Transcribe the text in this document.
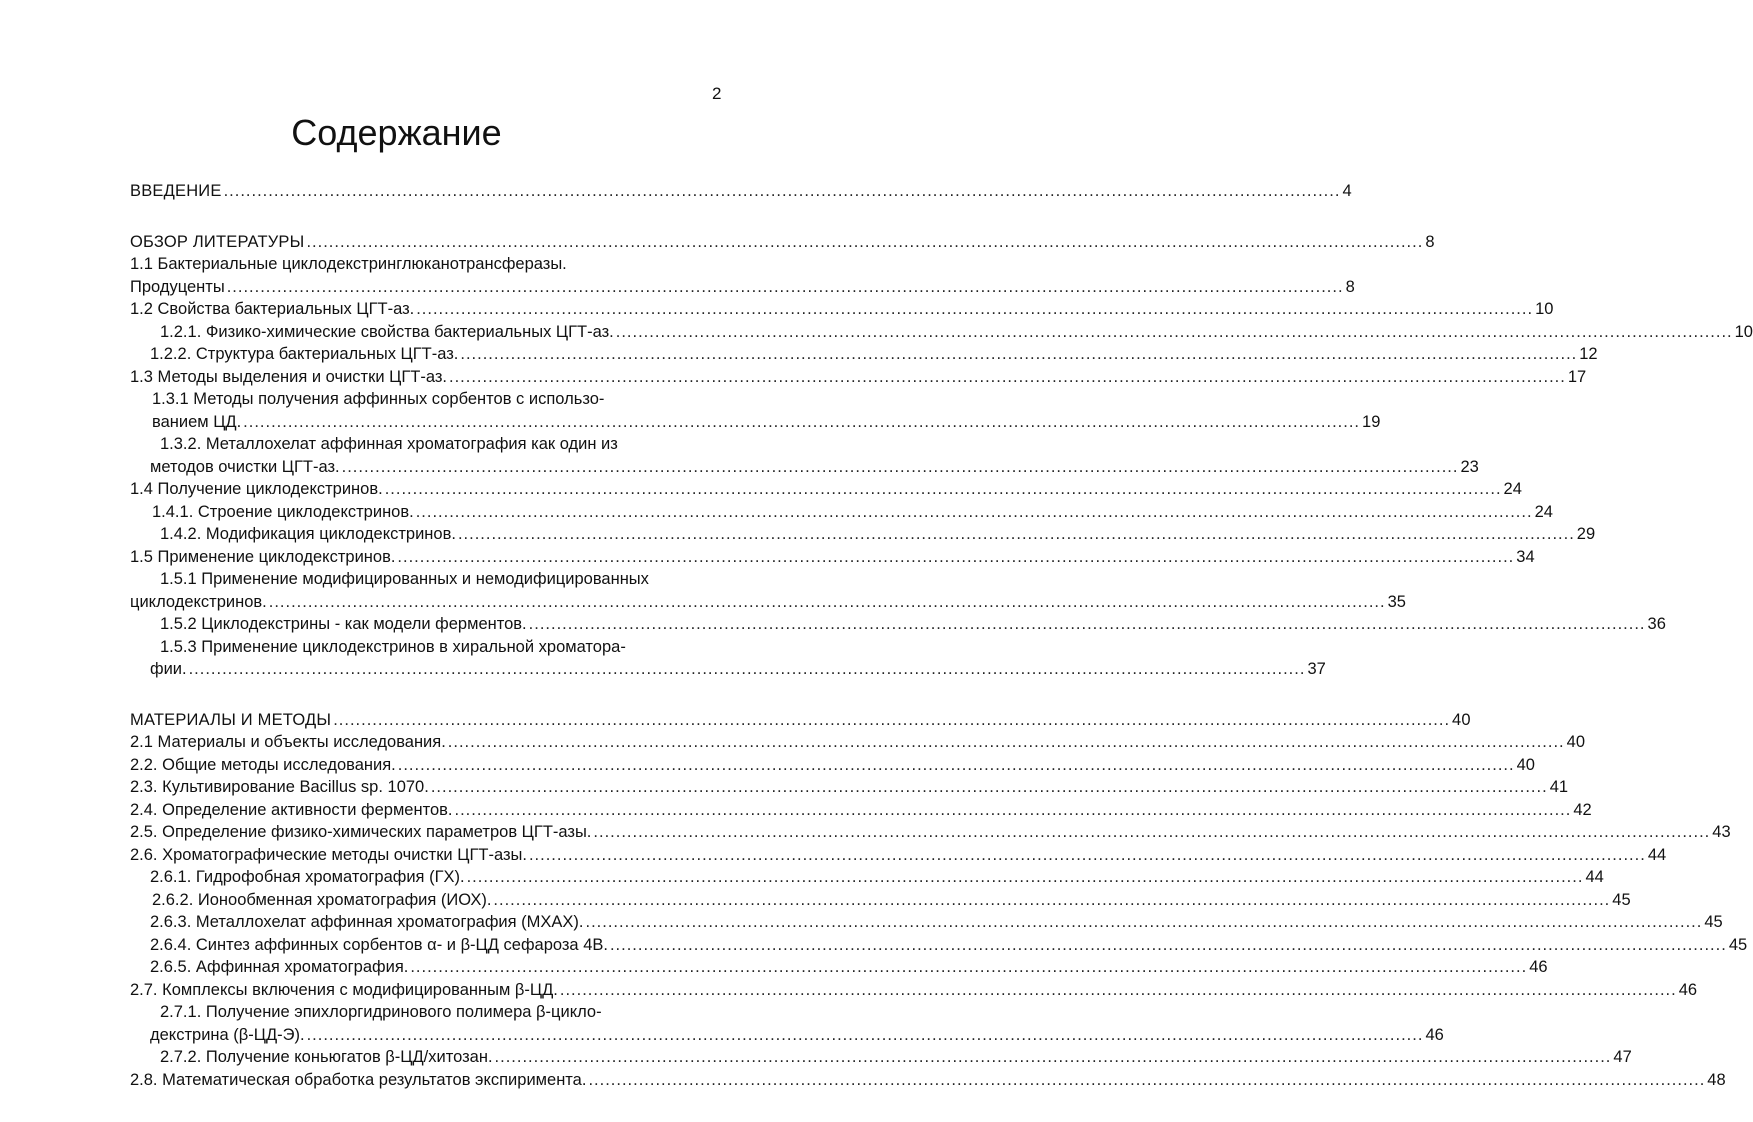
2
Содержание
ВВЕДЕНИЕ ........................................................................................................................................................................................................ 4
ОБЗОР ЛИТЕРАТУРЫ ........................................................................................................................................................................................................ 8
1.1 Бактериальные циклодекстринглюканотрансферазы.
Продуценты ........................................................................................................................................................................................................ 8
1.2 Свойства бактериальных ЦГТ-аз. ........................................................................................................................................................................................................ 10
1.2.1. Физико-химические свойства бактериальных ЦГТ-аз. ........................................................................................................................................................................................................ 10
1.2.2. Структура бактериальных ЦГТ-аз. ........................................................................................................................................................................................................ 12
1.3 Методы выделения и очистки ЦГТ-аз. ........................................................................................................................................................................................................ 17
1.3.1 Методы получения аффинных сорбентов с использо-
ванием ЦД. ........................................................................................................................................................................................................ 19
1.3.2. Металлохелат аффинная хроматография как один из
методов очистки ЦГТ-аз. ........................................................................................................................................................................................................ 23
1.4 Получение циклодекстринов. ........................................................................................................................................................................................................ 24
1.4.1. Строение циклодекстринов. ........................................................................................................................................................................................................ 24
1.4.2. Модификация циклодекстринов. ........................................................................................................................................................................................................ 29
1.5 Применение циклодекстринов. ........................................................................................................................................................................................................ 34
1.5.1 Применение модифицированных и немодифицированных
циклодекстринов. ........................................................................................................................................................................................................ 35
1.5.2 Циклодекстрины - как модели ферментов. ........................................................................................................................................................................................................ 36
1.5.3 Применение циклодекстринов в хиральной хроматора-
фии. ........................................................................................................................................................................................................ 37
МАТЕРИАЛЫ И МЕТОДЫ ........................................................................................................................................................................................................ 40
2.1 Материалы и объекты исследования. ........................................................................................................................................................................................................ 40
2.2. Общие методы исследования. ........................................................................................................................................................................................................ 40
2.3. Культивирование Bacillus sp. 1070. ........................................................................................................................................................................................................ 41
2.4. Определение активности ферментов. ........................................................................................................................................................................................................ 42
2.5. Определение физико-химических параметров ЦГТ-азы. ........................................................................................................................................................................................................ 43
2.6. Хроматографические методы очистки ЦГТ-азы. ........................................................................................................................................................................................................ 44
2.6.1. Гидрофобная хроматография (ГХ). ........................................................................................................................................................................................................ 44
2.6.2. Ионообменная хроматография (ИОХ). ........................................................................................................................................................................................................ 45
2.6.3. Металлохелат аффинная хроматография (МХАХ). ........................................................................................................................................................................................................ 45
2.6.4. Синтез аффинных сорбентов α- и β-ЦД сефароза 4В. ........................................................................................................................................................................................................ 45
2.6.5. Аффинная хроматография. ........................................................................................................................................................................................................ 46
2.7. Комплексы включения с модифицированным β-ЦД. ........................................................................................................................................................................................................ 46
2.7.1. Получение эпихлоргидринового полимера β-цикло-
декстрина (β-ЦД-Э). ........................................................................................................................................................................................................ 46
2.7.2. Получение коньюгатов β-ЦД/хитозан. ........................................................................................................................................................................................................ 47
2.8. Математическая обработка результатов экспиримента. ........................................................................................................................................................................................................ 48
